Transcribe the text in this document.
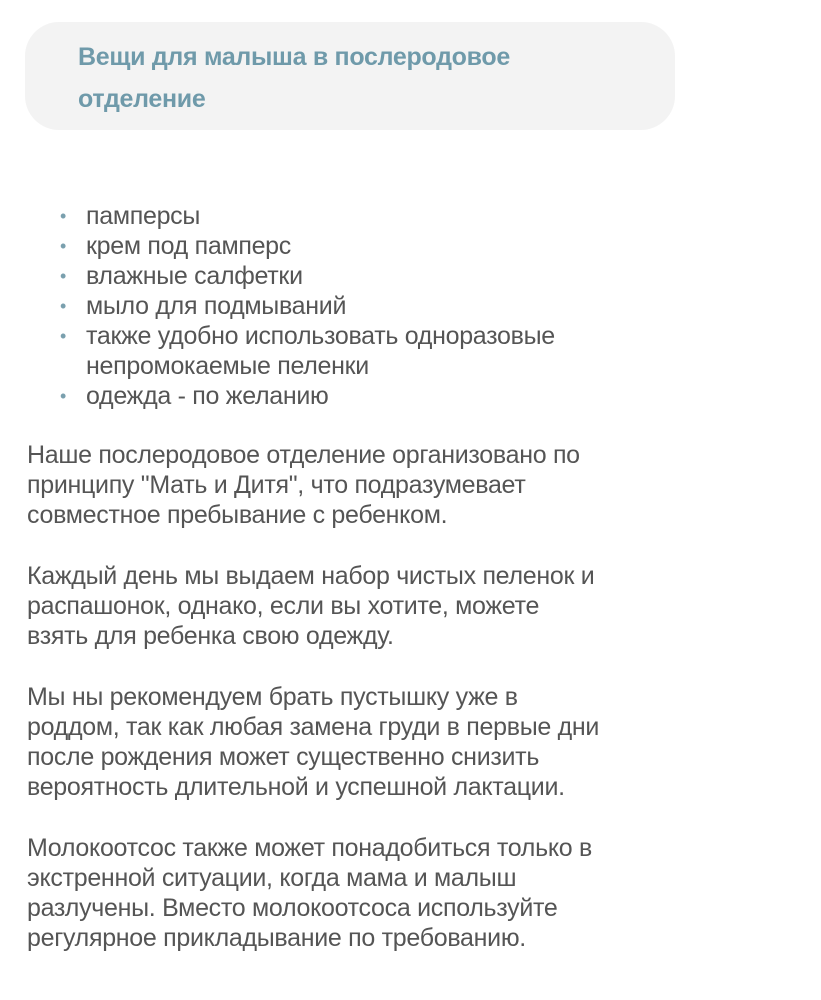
Вещи для малыша в послеродовое
отделение
• памперсы
• крем под памперс
• влажные салфетки
• мыло для подмываний
• также удобно использовать одноразовые
непромокаемые пеленки
• одежда - по желанию

Наше послеродовое отделение организовано по
принципу "Мать и Дитя", что подразумевает
совместное пребывание с ребенком.

Каждый день мы выдаем набор чистых пеленок и
распашонок, однако, если вы хотите, можете
взять для ребенка свою одежду.

Мы ны рекомендуем брать пустышку уже в
роддом, так как любая замена груди в первые дни
после рождения может существенно снизить
вероятность длительной и успешной лактации.

Молокоотсос также может понадобиться только в
экстренной ситуации, когда мама и малыш
разлучены. Вместо молокоотсоса используйте
регулярное прикладывание по требованию.
